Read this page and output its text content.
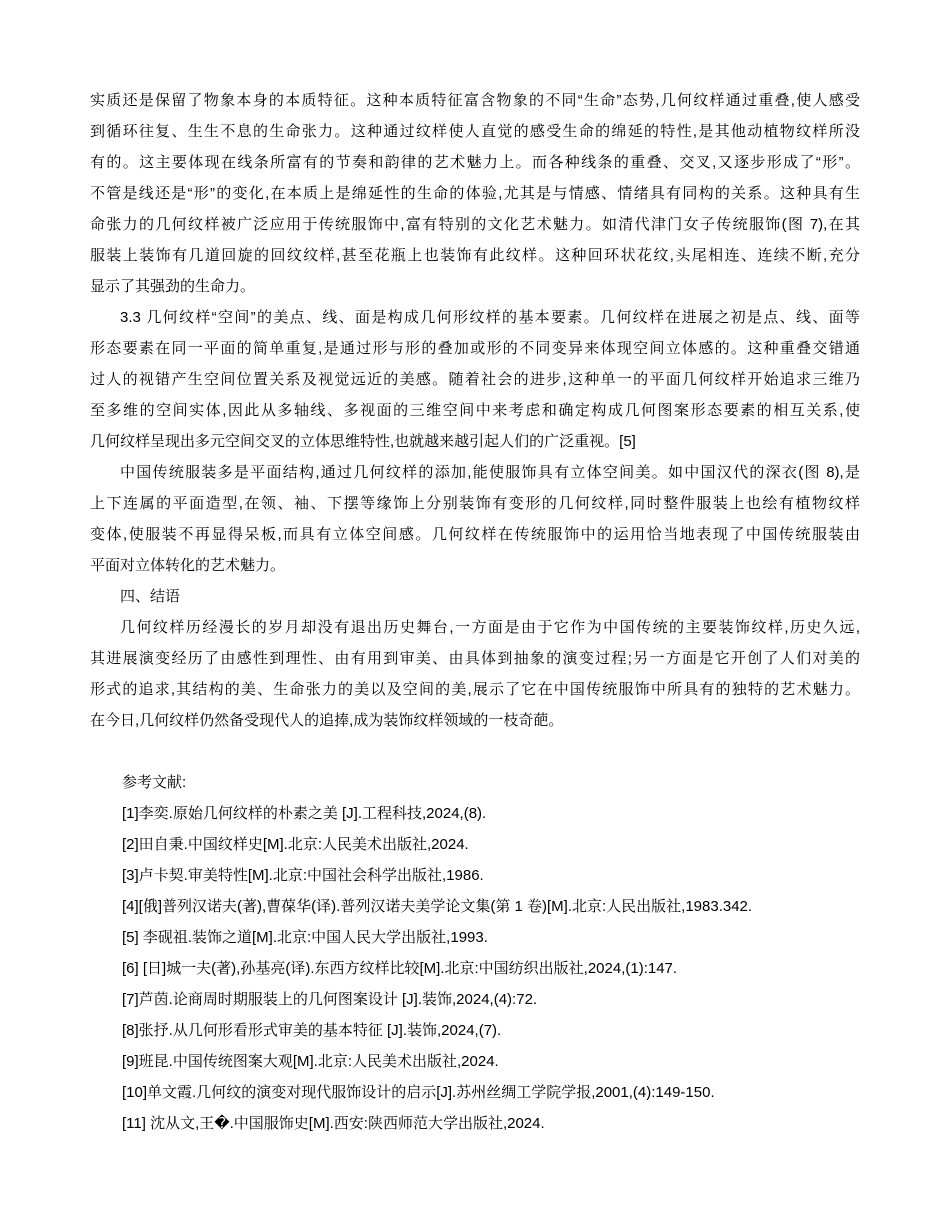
实质还是保留了物象本身的本质特征。这种本质特征富含物象的不同“生命”态势,几何纹样通过重叠,使人感受
到循环往复、生生不息的生命张力。这种通过纹样使人直觉的感受生命的绵延的特性,是其他动植物纹样所没
有的。这主要体现在线条所富有的节奏和韵律的艺术魅力上。而各种线条的重叠、交叉,又逐步形成了“形”。
不管是线还是“形”的变化,在本质上是绵延性的生命的体验,尤其是与情感、情绪具有同构的关系。这种具有生
命张力的几何纹样被广泛应用于传统服饰中,富有特别的文化艺术魅力。如清代津门女子传统服饰(图 7),在其
服装上装饰有几道回旋的回纹纹样,甚至花瓶上也装饰有此纹样。这种回环状花纹,头尾相连、连续不断,充分
显示了其强劲的生命力。
3.3 几何纹样“空间”的美点、线、面是构成几何形纹样的基本要素。几何纹样在进展之初是点、线、面等
形态要素在同一平面的简单重复,是通过形与形的叠加或形的不同变异来体现空间立体感的。这种重叠交错通
过人的视错产生空间位置关系及视觉远近的美感。随着社会的进步,这种单一的平面几何纹样开始追求三维乃
至多维的空间实体,因此从多轴线、多视面的三维空间中来考虑和确定构成几何图案形态要素的相互关系,使
几何纹样呈现出多元空间交叉的立体思维特性,也就越来越引起人们的广泛重视。[5]
中国传统服装多是平面结构,通过几何纹样的添加,能使服饰具有立体空间美。如中国汉代的深衣(图 8),是
上下连属的平面造型,在领、袖、下摆等缘饰上分别装饰有变形的几何纹样,同时整件服装上也绘有植物纹样
变体,使服装不再显得呆板,而具有立体空间感。几何纹样在传统服饰中的运用恰当地表现了中国传统服装由
平面对立体转化的艺术魅力。
四、结语
几何纹样历经漫长的岁月却没有退出历史舞台,一方面是由于它作为中国传统的主要装饰纹样,历史久远,
其进展演变经历了由感性到理性、由有用到审美、由具体到抽象的演变过程;另一方面是它开创了人们对美的
形式的追求,其结构的美、生命张力的美以及空间的美,展示了它在中国传统服饰中所具有的独特的艺术魅力。
在今日,几何纹样仍然备受现代人的追捧,成为装饰纹样领域的一枝奇葩。
参考文献:
[1]李奕.原始几何纹样的朴素之美 [J].工程科技,2024,(8).
[2]田自秉.中国纹样史[M].北京:人民美术出版社,2024.
[3]卢卡契.审美特性[M].北京:中国社会科学出版社,1986.
[4][俄]普列汉诺夫(著),曹葆华(译).普列汉诺夫美学论文集(第 1 卷)[M].北京:人民出版社,1983.342.
[5] 李砚祖.装饰之道[M].北京:中国人民大学出版社,1993.
[6] [日]城一夫(著),孙基亮(译).东西方纹样比较[M].北京:中国纺织出版社,2024,(1):147.
[7]芦茵.论商周时期服装上的几何图案设计 [J].装饰,2024,(4):72.
[8]张抒.从几何形看形式审美的基本特征 [J].装饰,2024,(7).
[9]班昆.中国传统图案大观[M].北京:人民美术出版社,2024.
[10]单文霞.几何纹的演变对现代服饰设计的启示[J].苏州丝绸工学院学报,2001,(4):149-150.
[11] 沈从文,王�.中国服饰史[M].西安:陕西师范大学出版社,2024.
